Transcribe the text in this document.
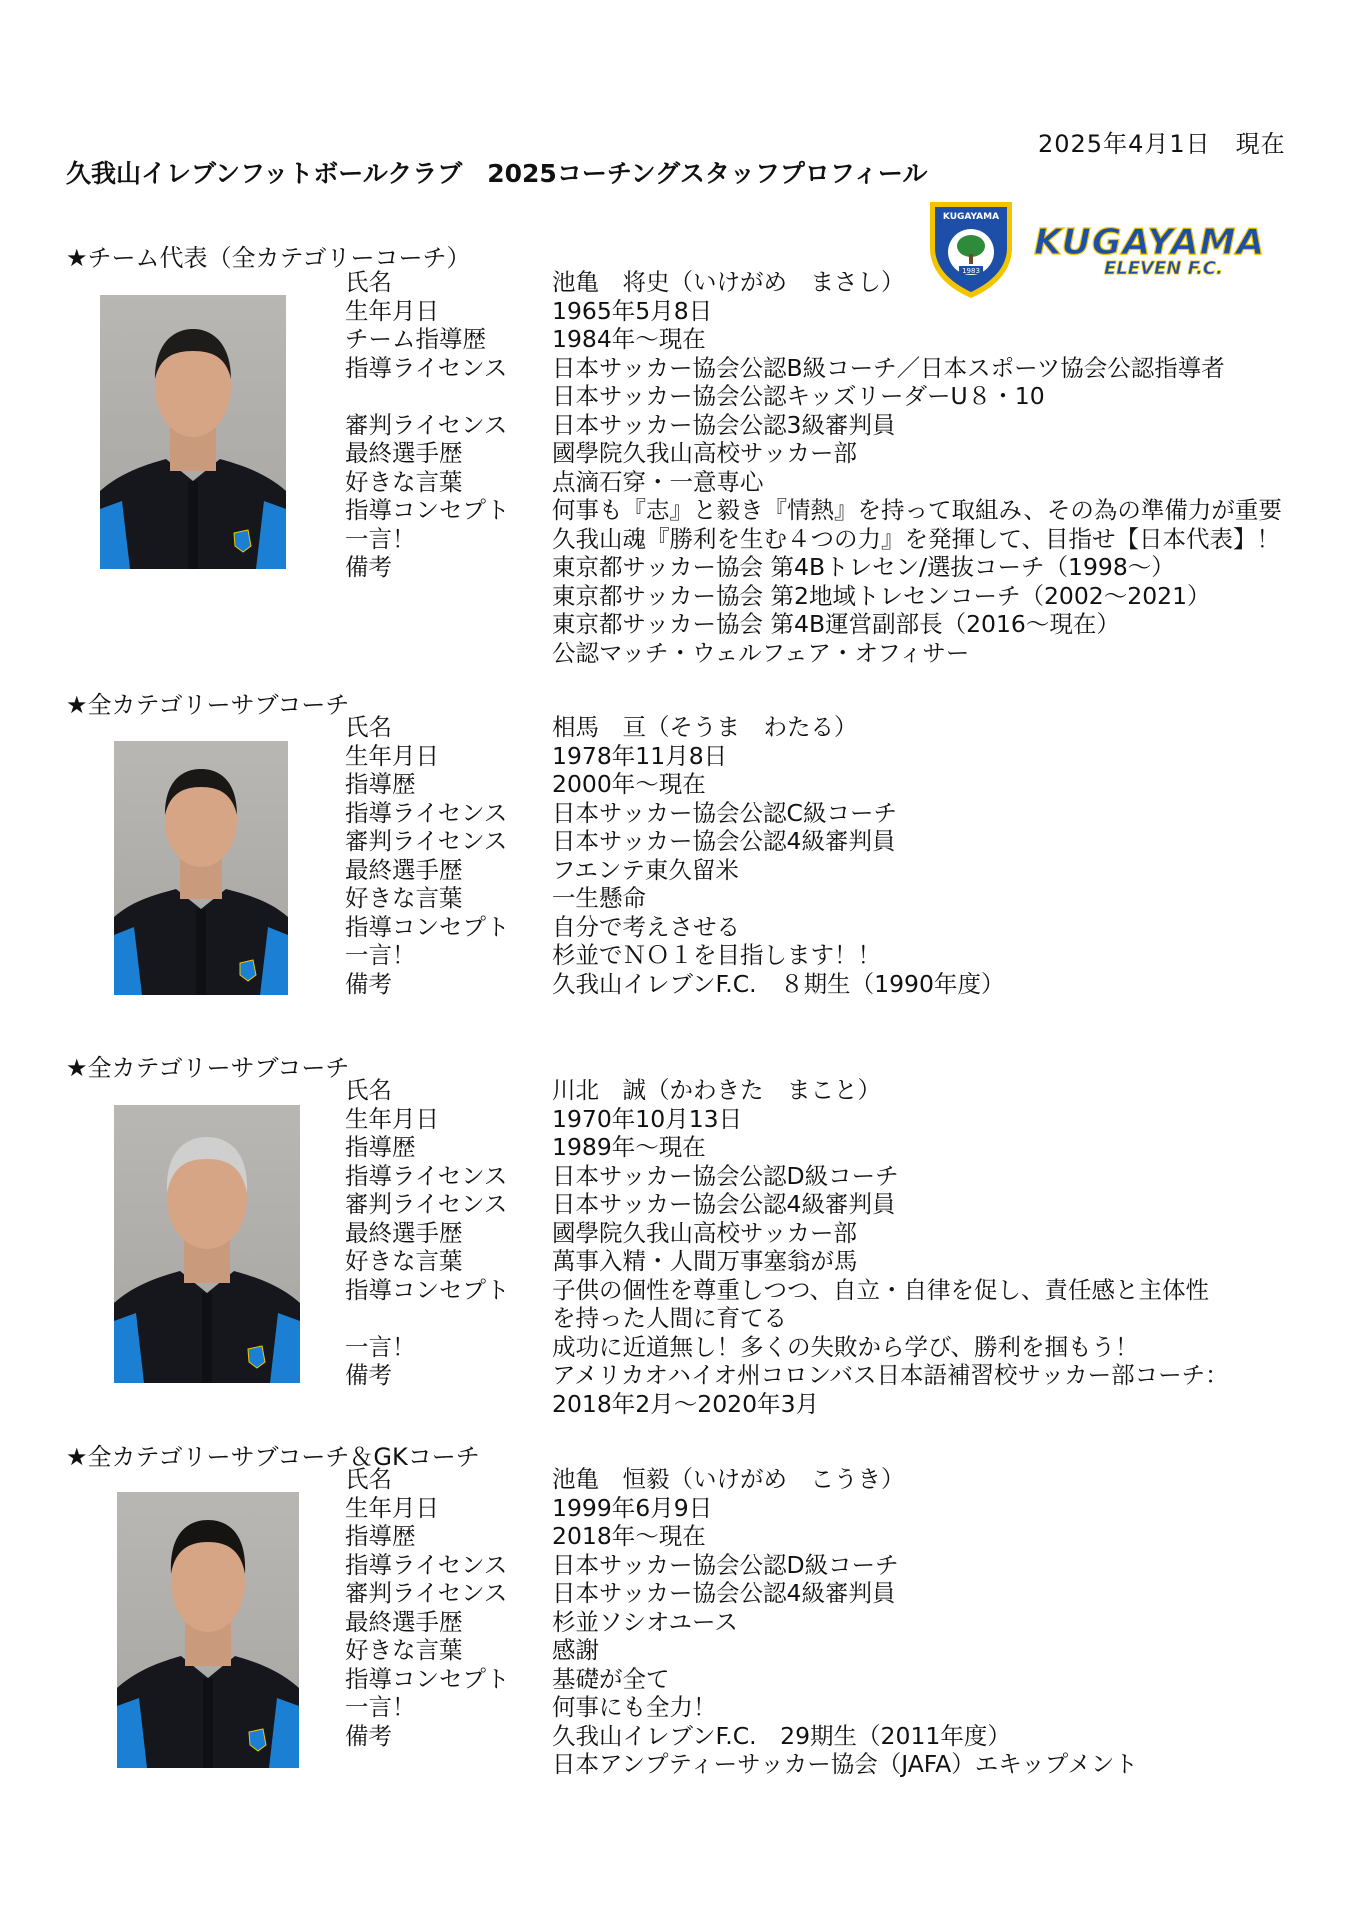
2025年4月1日　現在
久我山イレブンフットボールクラブ　2025コーチングスタッフプロフィール
KUGAYAMA
1983
KUGAYAMA
ELEVEN F.C.
★チーム代表（全カテゴリーコーチ）
氏名	池亀　将史（いけがめ　まさし）
生年月日	1965年5月8日
チーム指導歴	1984年～現在
指導ライセンス 日本サッカー協会公認B級コーチ／日本スポーツ協会公認指導者
日本サッカー協会公認キッズリーダーU８・10
審判ライセンス 日本サッカー協会公認3級審判員
最終選手歴	國學院久我山高校サッカー部
好きな言葉	点滴石穿・一意専心
指導コンセプト 何事も『志』と毅き『情熱』を持って取組み、その為の準備力が重要
一言！	久我山魂『勝利を生む４つの力』を発揮して、目指せ【日本代表】！
備考	東京都サッカー協会 第4Bトレセン/選抜コーチ（1998～）
東京都サッカー協会 第2地域トレセンコーチ（2002～2021）
東京都サッカー協会 第4B運営副部長（2016～現在）
公認マッチ・ウェルフェア・オフィサー
★全カテゴリーサブコーチ
氏名	相馬　亘（そうま　わたる）
生年月日	1978年11月8日
指導歴	2000年～現在
指導ライセンス 日本サッカー協会公認C級コーチ
審判ライセンス 日本サッカー協会公認4級審判員
最終選手歴	フエンテ東久留米
好きな言葉	一生懸命
指導コンセプト 自分で考えさせる
一言！	杉並でＮＯ１を目指します！！
備考	久我山イレブンF.C.　８期生（1990年度）
★全カテゴリーサブコーチ
氏名	川北　誠（かわきた　まこと）
生年月日	1970年10月13日
指導歴	1989年～現在
指導ライセンス 日本サッカー協会公認D級コーチ
審判ライセンス 日本サッカー協会公認4級審判員
最終選手歴	國學院久我山高校サッカー部
好きな言葉	萬事入精・人間万事塞翁が馬
指導コンセプト 子供の個性を尊重しつつ、自立・自律を促し、責任感と主体性
を持った人間に育てる
一言！	成功に近道無し！多くの失敗から学び、勝利を掴もう！
備考	アメリカオハイオ州コロンバス日本語補習校サッカー部コーチ：
2018年2月～2020年3月
★全カテゴリーサブコーチ＆GKコーチ
氏名	池亀　恒毅（いけがめ　こうき）
生年月日	1999年6月9日
指導歴	2018年～現在
指導ライセンス 日本サッカー協会公認D級コーチ
審判ライセンス 日本サッカー協会公認4級審判員
最終選手歴	杉並ソシオユース
好きな言葉	感謝
指導コンセプト 基礎が全て
一言！	何事にも全力！
備考	久我山イレブンF.C.　29期生（2011年度）
日本アンプティーサッカー協会（JAFA）エキップメント
